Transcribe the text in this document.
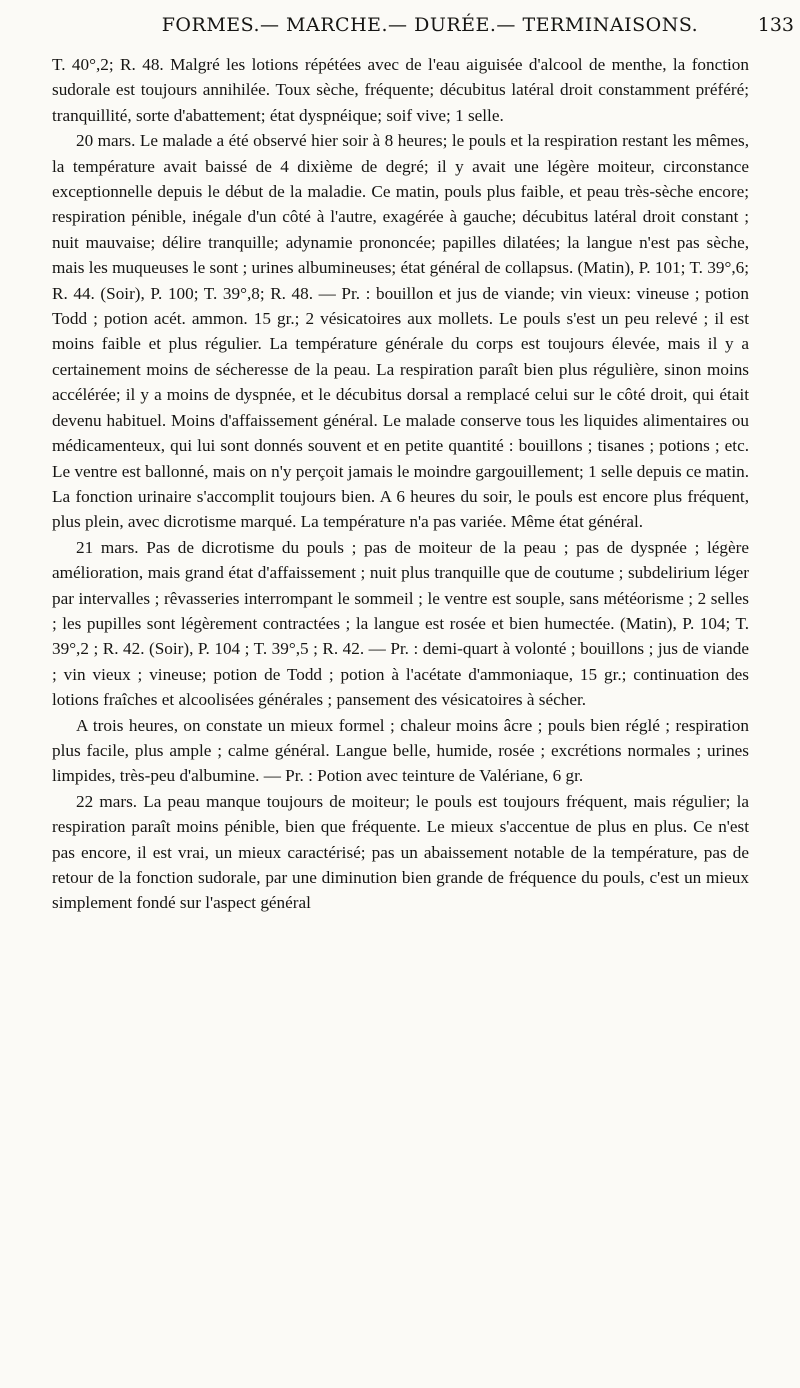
FORMES.— MARCHE.— DURÉE.— TERMINAISONS.	133

T. 40°,2; R. 48. Malgré les lotions répétées avec de l'eau aiguisée d'alcool de menthe, la fonction sudorale est toujours annihilée. Toux sèche, fréquente; décubitus latéral droit constamment préféré; tranquillité, sorte d'abattement; état dyspnéique; soif vive; 1 selle.

20 mars. Le malade a été observé hier soir à 8 heures; le pouls et la respiration restant les mêmes, la température avait baissé de 4 dixième de degré; il y avait une légère moiteur, circonstance exceptionnelle depuis le début de la maladie. Ce matin, pouls plus faible, et peau très-sèche encore; respiration pénible, inégale d'un côté à l'autre, exagérée à gauche; décubitus latéral droit constant ; nuit mauvaise; délire tranquille; adynamie prononcée; papilles dilatées; la langue n'est pas sèche, mais les muqueuses le sont ; urines albumineuses; état général de collapsus. (Matin), P. 101; T. 39°,6; R. 44. (Soir), P. 100; T. 39°,8; R. 48. — Pr. : bouillon et jus de viande; vin vieux: vineuse ; potion Todd ; potion acét. ammon. 15 gr.; 2 vésicatoires aux mollets. Le pouls s'est un peu relevé ; il est moins faible et plus régulier. La température générale du corps est toujours élevée, mais il y a certainement moins de sécheresse de la peau. La respiration paraît bien plus régulière, sinon moins accélérée; il y a moins de dyspnée, et le décubitus dorsal a remplacé celui sur le côté droit, qui était devenu habituel. Moins d'affaissement général. Le malade conserve tous les liquides alimentaires ou médicamenteux, qui lui sont donnés souvent et en petite quantité : bouillons ; tisanes ; potions ; etc. Le ventre est ballonné, mais on n'y perçoit jamais le moindre gargouillement; 1 selle depuis ce matin. La fonction urinaire s'accomplit toujours bien. A 6 heures du soir, le pouls est encore plus fréquent, plus plein, avec dicrotisme marqué. La température n'a pas variée. Même état général.

21 mars. Pas de dicrotisme du pouls ; pas de moiteur de la peau ; pas de dyspnée ; légère amélioration, mais grand état d'affaissement ; nuit plus tranquille que de coutume ; subdelirium léger par intervalles ; rêvasseries interrompant le sommeil ; le ventre est souple, sans météorisme ; 2 selles ; les pupilles sont légèrement contractées ; la langue est rosée et bien humectée. (Matin), P. 104; T. 39°,2 ; R. 42. (Soir), P. 104 ; T. 39°,5 ; R. 42. — Pr. : demi-quart à volonté ; bouillons ; jus de viande ; vin vieux ; vineuse; potion de Todd ; potion à l'acétate d'ammoniaque, 15 gr.; continuation des lotions fraîches et alcoolisées générales ; pansement des vésicatoires à sécher.

A trois heures, on constate un mieux formel ; chaleur moins âcre ; pouls bien réglé ; respiration plus facile, plus ample ; calme général. Langue belle, humide, rosée ; excrétions normales ; urines limpides, très-peu d'albumine. — Pr. : Potion avec teinture de Valériane, 6 gr.

22 mars. La peau manque toujours de moiteur; le pouls est toujours fréquent, mais régulier; la respiration paraît moins pénible, bien que fréquente. Le mieux s'accentue de plus en plus. Ce n'est pas encore, il est vrai, un mieux caractérisé; pas un abaissement notable de la température, pas de retour de la fonction sudorale, par une diminution bien grande de fréquence du pouls, c'est un mieux simplement fondé sur l'aspect général
